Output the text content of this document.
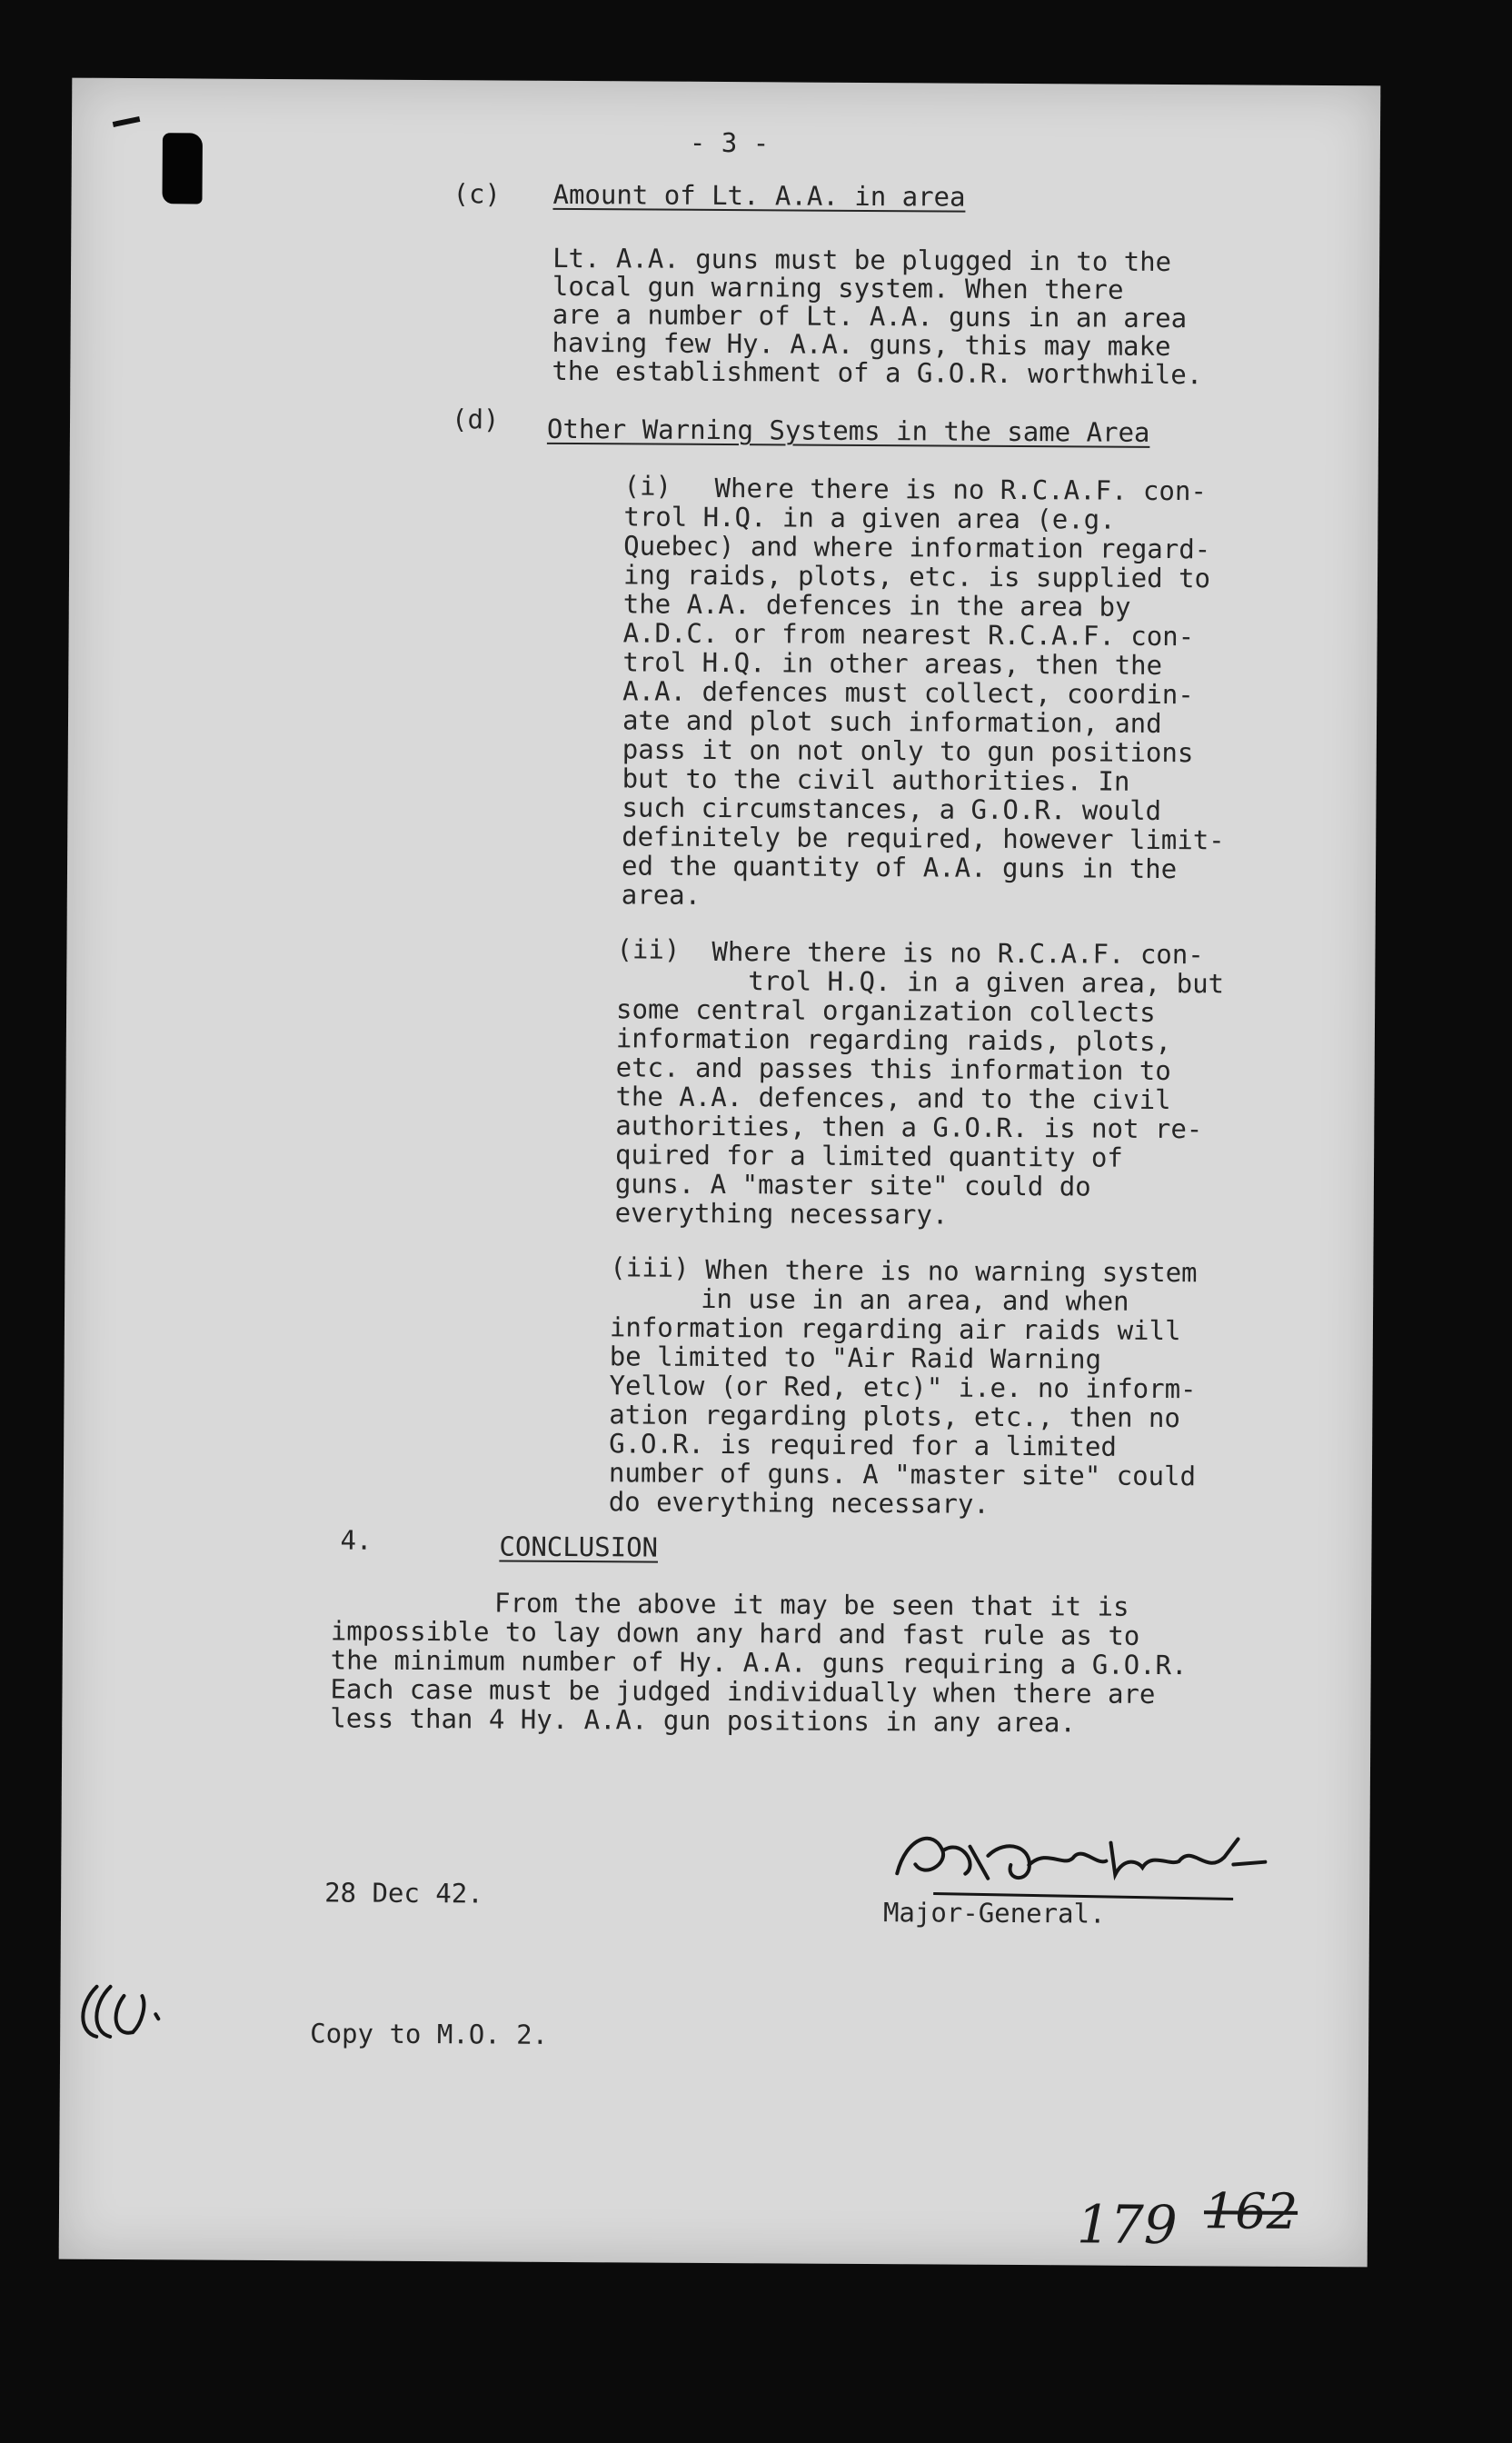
- 3 -
(c) Amount of Lt. A.A. in area
Lt. A.A. guns must be plugged in to the
local gun warning system. When there
are a number of Lt. A.A. guns in an area
having few Hy. A.A. guns, this may make
the establishment of a G.O.R. worthwhile.
(d) Other Warning Systems in the same Area
(i) Where there is no R.C.A.F. con-
trol H.Q. in a given area (e.g.
Quebec) and where information regard-
ing raids, plots, etc. is supplied to
the A.A. defences in the area by
A.D.C. or from nearest R.C.A.F. con-
trol H.Q. in other areas, then the
A.A. defences must collect, coordin-
ate and plot such information, and
pass it on not only to gun positions
but to the civil authorities. In
such circumstances, a G.O.R. would
definitely be required, however limit-
ed the quantity of A.A. guns in the
area.
(ii) Where there is no R.C.A.F. con-
trol H.Q. in a given area, but
some central organization collects
information regarding raids, plots,
etc. and passes this information to
the A.A. defences, and to the civil
authorities, then a G.O.R. is not re-
quired for a limited quantity of
guns. A "master site" could do
everything necessary.
(iii) When there is no warning system
in use in an area, and when
information regarding air raids will
be limited to "Air Raid Warning
Yellow (or Red, etc)" i.e. no inform-
ation regarding plots, etc., then no
G.O.R. is required for a limited
number of guns. A "master site" could
do everything necessary.
4.	CONCLUSION
From the above it may be seen that it is
impossible to lay down any hard and fast rule as to
the minimum number of Hy. A.A. guns requiring a G.O.R.
Each case must be judged individually when there are
less than 4 Hy. A.A. gun positions in any area.
28 Dec 42.
Major-General.
Copy to M.O. 2.
179 162
